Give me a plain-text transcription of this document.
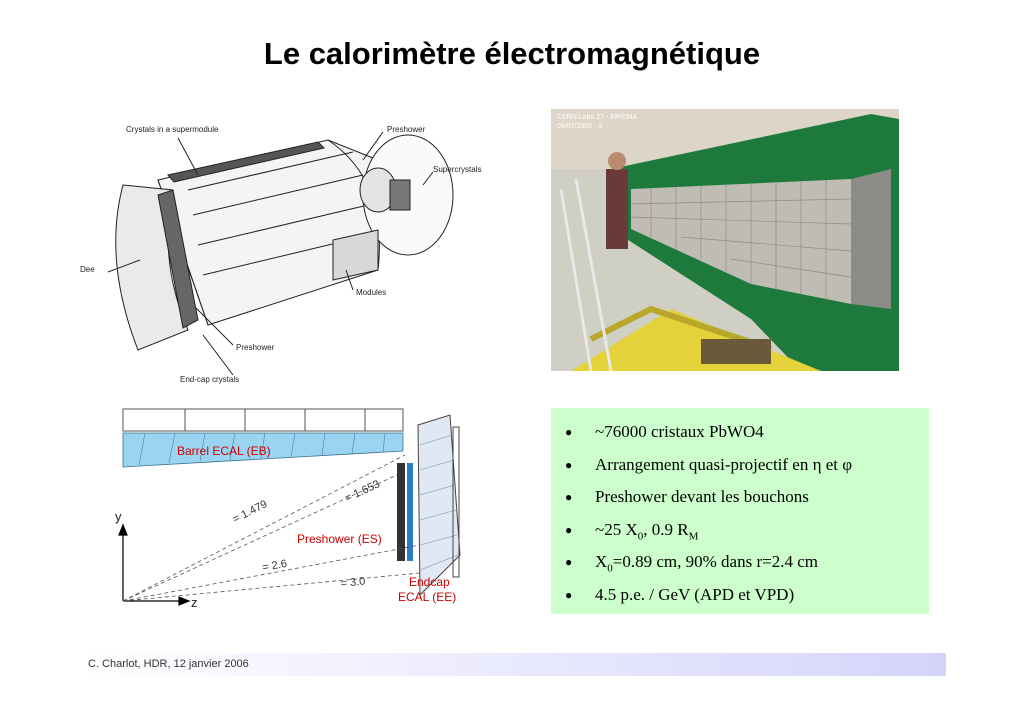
Le calorimètre électromagnétique
Crystals in a supermodule	Preshower
Supercrystals
Dee
Modules
Preshower
End-cap crystals
CERN Labo 27 - EP/CMA
09/07/2002 - 3
y
z
= 1.479
= 1.653
= 2.6
= 3.0
Barrel ECAL (EB)
Preshower (ES)
Endcap
ECAL (EE)
●	~76000 cristaux PbWO4
●	Arrangement quasi-projectif en η et φ
●	Preshower devant les bouchons
●	~25 $X_0$, 0.9 $R_M$
●	$X_0=0.89$ cm, 90% dans r=2.4 cm
●	4.5 p.e. / GeV (APD et VPD)
C. Charlot, HDR, 12 janvier 2006
